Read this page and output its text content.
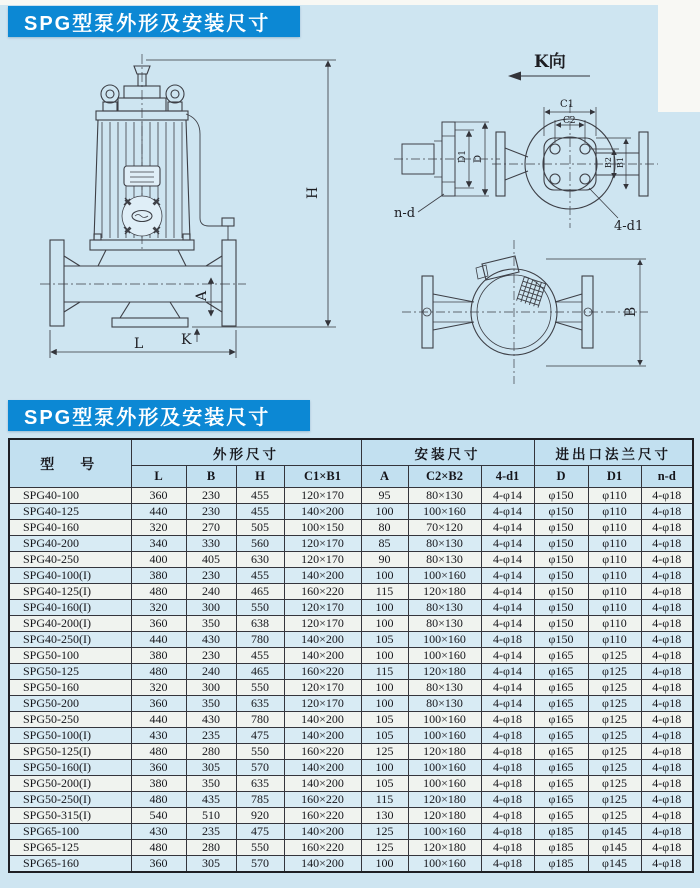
SPG型泵外形及安装尺寸
H
A
K
L
K向
C1
C2
B2 B1
4-d1
D1 D
n-d
B
SPG型泵外形及安装尺寸
型　号	外形尺寸				安装尺寸			进出口法兰尺寸		
	L	B	H	C1×B1	A	C2×B2	4-d1	D	D1	n-d
SPG40-100	360	230	455	120×170	95	80×130	4-φ14	φ150	φ110	4-φ18
SPG40-125	440	230	455	140×200	100	100×160	4-φ14	φ150	φ110	4-φ18
SPG40-160	320	270	505	100×150	80	70×120	4-φ14	φ150	φ110	4-φ18
SPG40-200	340	330	560	120×170	85	80×130	4-φ14	φ150	φ110	4-φ18
SPG40-250	400	405	630	120×170	90	80×130	4-φ14	φ150	φ110	4-φ18
SPG40-100(I)	380	230	455	140×200	100	100×160	4-φ14	φ150	φ110	4-φ18
SPG40-125(I)	480	240	465	160×220	115	120×180	4-φ14	φ150	φ110	4-φ18
SPG40-160(I)	320	300	550	120×170	100	80×130	4-φ14	φ150	φ110	4-φ18
SPG40-200(I)	360	350	638	120×170	100	80×130	4-φ14	φ150	φ110	4-φ18
SPG40-250(I)	440	430	780	140×200	105	100×160	4-φ18	φ150	φ110	4-φ18
SPG50-100	380	230	455	140×200	100	100×160	4-φ14	φ165	φ125	4-φ18
SPG50-125	480	240	465	160×220	115	120×180	4-φ14	φ165	φ125	4-φ18
SPG50-160	320	300	550	120×170	100	80×130	4-φ14	φ165	φ125	4-φ18
SPG50-200	360	350	635	120×170	100	80×130	4-φ14	φ165	φ125	4-φ18
SPG50-250	440	430	780	140×200	105	100×160	4-φ18	φ165	φ125	4-φ18
SPG50-100(I)	430	235	475	140×200	105	100×160	4-φ18	φ165	φ125	4-φ18
SPG50-125(I)	480	280	550	160×220	125	120×180	4-φ18	φ165	φ125	4-φ18
SPG50-160(I)	360	305	570	140×200	100	100×160	4-φ18	φ165	φ125	4-φ18
SPG50-200(I)	380	350	635	140×200	105	100×160	4-φ18	φ165	φ125	4-φ18
SPG50-250(I)	480	435	785	160×220	115	120×180	4-φ18	φ165	φ125	4-φ18
SPG50-315(I)	540	510	920	160×220	130	120×180	4-φ18	φ165	φ125	4-φ18
SPG65-100	430	235	475	140×200	125	100×160	4-φ18	φ185	φ145	4-φ18
SPG65-125	480	280	550	160×220	125	120×180	4-φ18	φ185	φ145	4-φ18
SPG65-160	360	305	570	140×200	100	100×160	4-φ18	φ185	φ145	4-φ18
